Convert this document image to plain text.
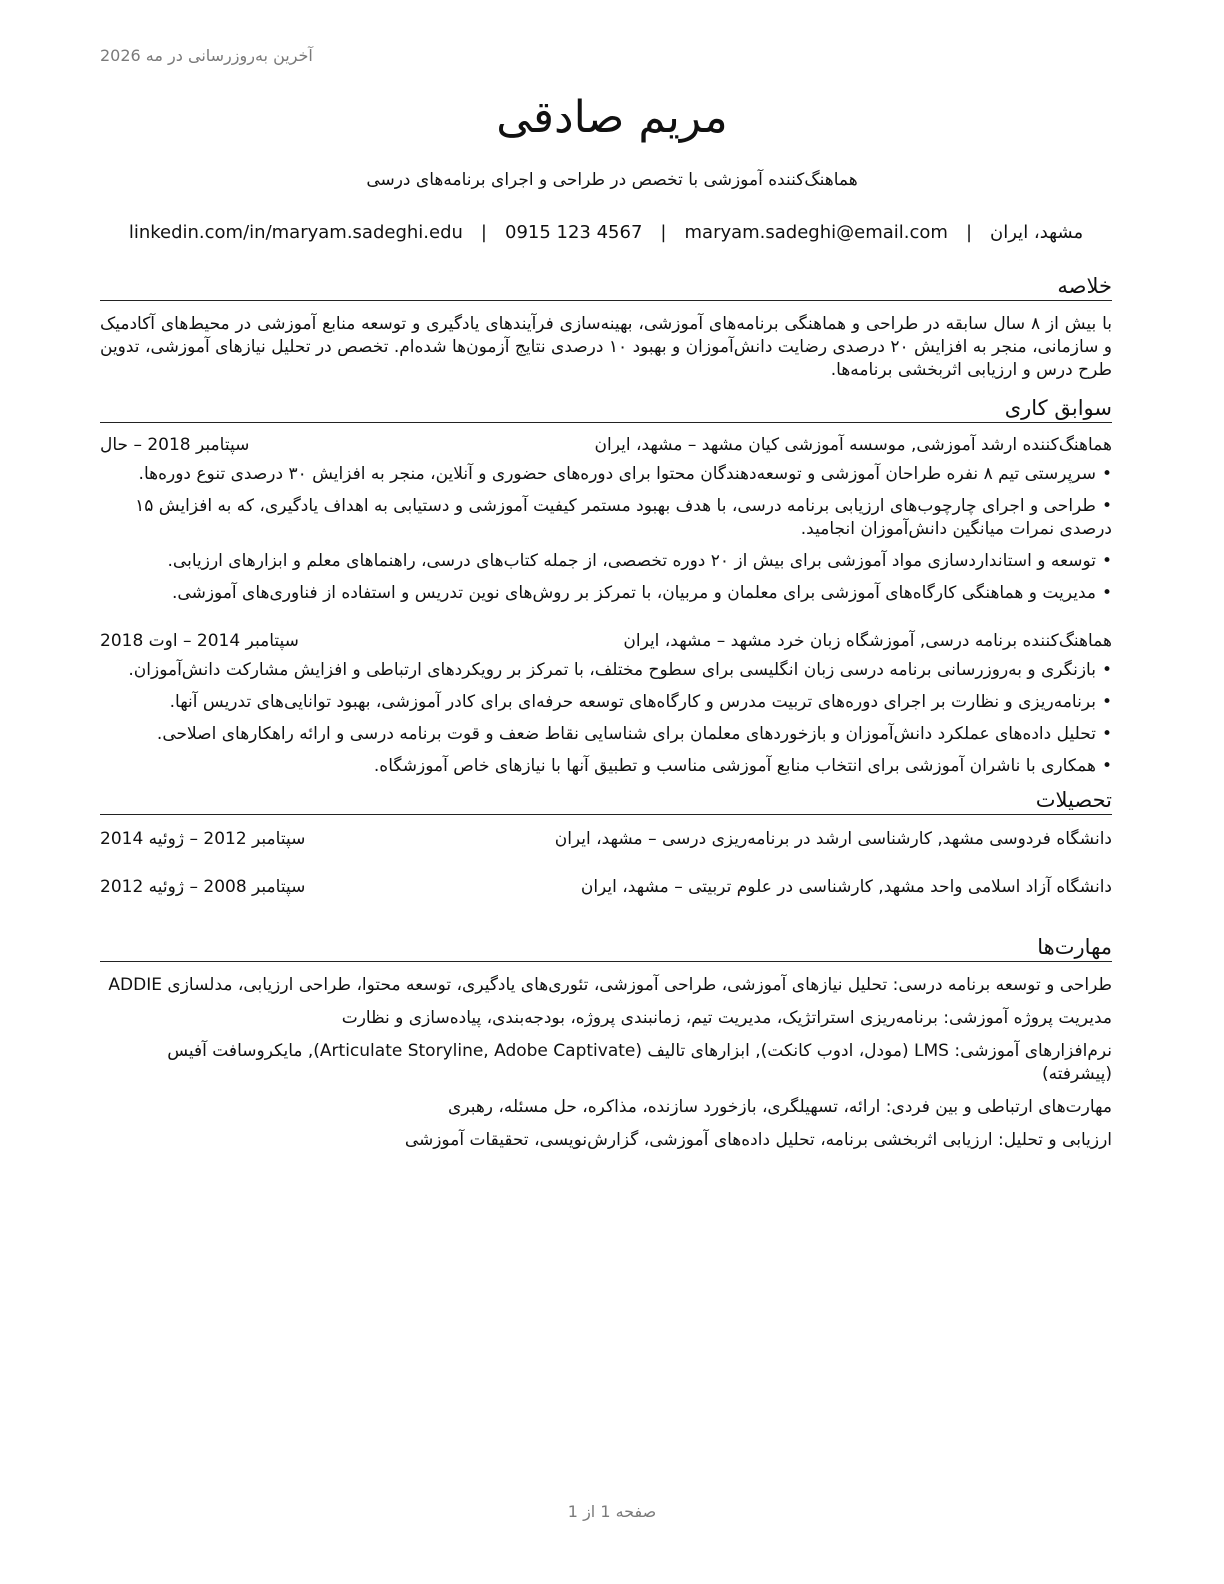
آخرین به‌روزرسانی در مه 2026
مریم صادقی
هماهنگ‌کننده آموزشی با تخصص در طراحی و اجرای برنامه‌های درسی
مشهد، ایران
|
maryam.sadeghi@email.com
|
0915 123 4567
|
linkedin.com/in/maryam.sadeghi.edu
خلاصه

با بیش از ۸ سال سابقه در طراحی و هماهنگی برنامه‌های آموزشی، بهینه‌سازی فرآیندهای یادگیری و توسعه منابع آموزشی در محیط‌های آکادمیک و سازمانی، منجر به افزایش ۲۰ درصدی رضایت دانش‌آموزان و بهبود ۱۰ درصدی نتایج آزمون‌ها شده‌ام. تخصص در تحلیل نیازهای آموزشی، تدوین طرح درس و ارزیابی اثربخشی برنامه‌ها.

سوابق کاری
هماهنگ‌کننده ارشد آموزشی, موسسه آموزشی کیان مشهد – مشهد، ایران
سپتامبر 2018 – حال
•سرپرستی تیم ۸ نفره طراحان آموزشی و توسعه‌دهندگان محتوا برای دوره‌های حضوری و آنلاین، منجر به افزایش ۳۰ درصدی تنوع دوره‌ها.
•طراحی و اجرای چارچوب‌های ارزیابی برنامه درسی، با هدف بهبود مستمر کیفیت آموزشی و دستیابی به اهداف یادگیری، که به افزایش ۱۵ درصدی نمرات میانگین دانش‌آموزان انجامید.
•توسعه و استانداردسازی مواد آموزشی برای بیش از ۲۰ دوره تخصصی، از جمله کتاب‌های درسی، راهنماهای معلم و ابزارهای ارزیابی.
•مدیریت و هماهنگی کارگاه‌های آموزشی برای معلمان و مربیان، با تمرکز بر روش‌های نوین تدریس و استفاده از فناوری‌های آموزشی.
هماهنگ‌کننده برنامه درسی, آموزشگاه زبان خرد مشهد – مشهد، ایران
سپتامبر 2014 – اوت 2018
•بازنگری و به‌روزرسانی برنامه درسی زبان انگلیسی برای سطوح مختلف، با تمرکز بر رویکردهای ارتباطی و افزایش مشارکت دانش‌آموزان.
•برنامه‌ریزی و نظارت بر اجرای دوره‌های تربیت مدرس و کارگاه‌های توسعه حرفه‌ای برای کادر آموزشی، بهبود توانایی‌های تدریس آنها.
•تحلیل داده‌های عملکرد دانش‌آموزان و بازخوردهای معلمان برای شناسایی نقاط ضعف و قوت برنامه درسی و ارائه راهکارهای اصلاحی.
•همکاری با ناشران آموزشی برای انتخاب منابع آموزشی مناسب و تطبیق آنها با نیازهای خاص آموزشگاه.
تحصیلات
دانشگاه فردوسی مشهد, کارشناسی ارشد در برنامه‌ریزی درسی – مشهد، ایران
سپتامبر 2012 – ژوئیه 2014
دانشگاه آزاد اسلامی واحد مشهد, کارشناسی در علوم تربیتی – مشهد، ایران
سپتامبر 2008 – ژوئیه 2012
مهارت‌ها

طراحی و توسعه برنامه درسی: تحلیل نیازهای آموزشی، طراحی آموزشی، تئوری‌های یادگیری، توسعه محتوا، طراحی ارزیابی، مدلسازی ADDIE

مدیریت پروژه آموزشی: برنامه‌ریزی استراتژیک، مدیریت تیم، زمانبندی پروژه، بودجه‌بندی، پیاده‌سازی و نظارت

نرم‌افزارهای آموزشی: LMS (مودل، ادوب کانکت), ابزارهای تالیف (Articulate Storyline, Adobe Captivate), مایکروسافت آفیس (پیشرفته)

مهارت‌های ارتباطی و بین فردی: ارائه، تسهیلگری، بازخورد سازنده، مذاکره، حل مسئله، رهبری

ارزیابی و تحلیل: ارزیابی اثربخشی برنامه، تحلیل داده‌های آموزشی، گزارش‌نویسی، تحقیقات آموزشی

صفحه 1 از 1
